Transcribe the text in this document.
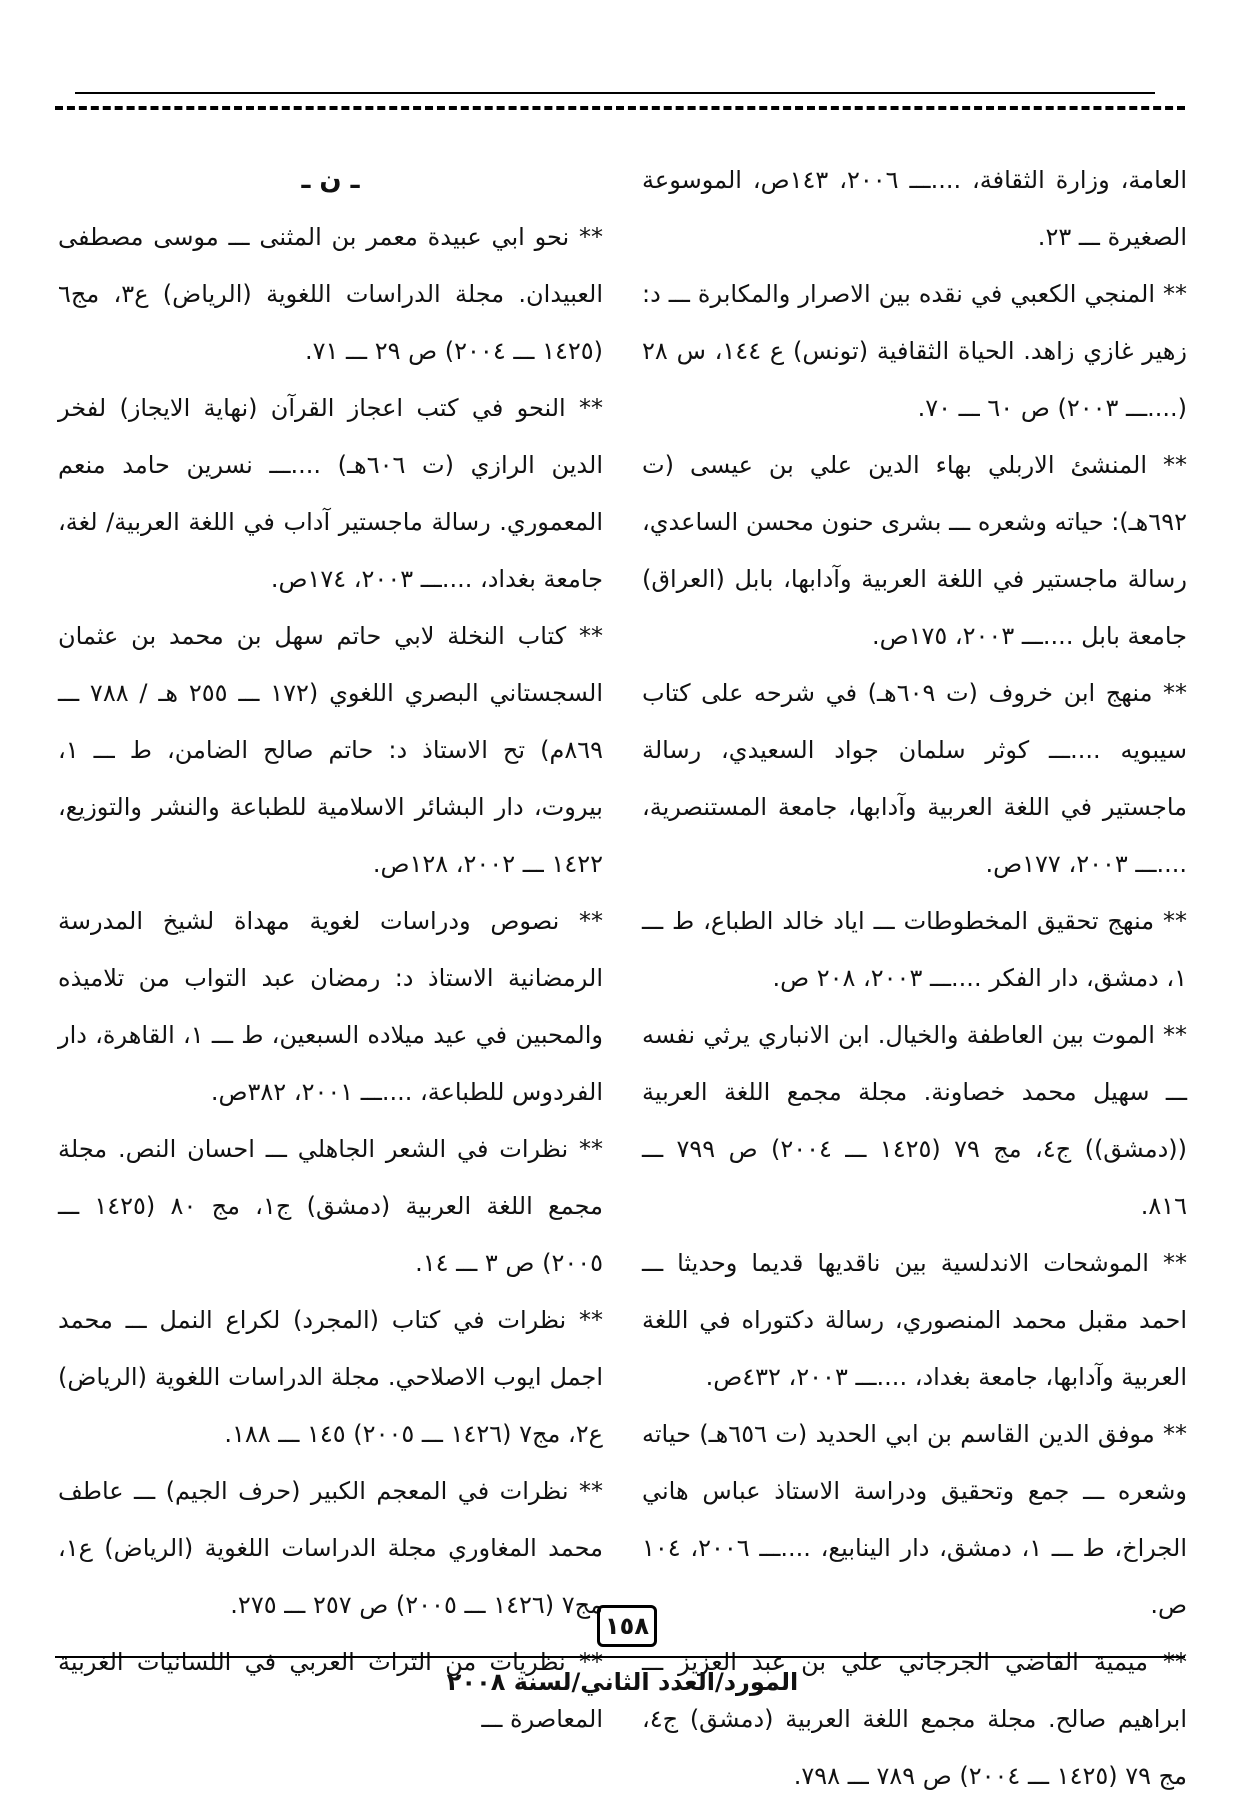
العامة، وزارة الثقافة، ....ـــ ٢٠٠٦، ١٤٣ص، الموسوعة الصغيرة ـــ ٢٣.

** المنجي الكعبي في نقده بين الاصرار والمكابرة ـــ د: زهير غازي زاهد. الحياة الثقافية (تونس) ع ١٤٤، س ٢٨ (....ـــ ٢٠٠٣) ص ٦٠ ـــ ٧٠.

** المنشئ الاربلي بهاء الدين علي بن عيسى (ت ٦٩٢هـ): حياته وشعره ـــ بشرى حنون محسن الساعدي، رسالة ماجستير في اللغة العربية وآدابها، بابل (العراق) جامعة بابل ....ـــ ٢٠٠٣، ١٧٥ص.

** منهج ابن خروف (ت ٦٠٩هـ) في شرحه على كتاب سيبويه ....ـــ كوثر سلمان جواد السعيدي، رسالة ماجستير في اللغة العربية وآدابها، جامعة المستنصرية، ....ـــ ٢٠٠٣، ١٧٧ص.

** منهج تحقيق المخطوطات ـــ اياد خالد الطباع، ط ـــ ١، دمشق، دار الفكر ....ـــ ٢٠٠٣، ٢٠٨ ص.

** الموت بين العاطفة والخيال. ابن الانباري يرثي نفسه ـــ سهيل محمد خصاونة. مجلة مجمع اللغة العربية ((دمشق)) ج٤، مج ٧٩ (١٤٢٥ ـــ ٢٠٠٤) ص ٧٩٩ ـــ ٨١٦.

** الموشحات الاندلسية بين ناقديها قديما وحديثا ـــ احمد مقبل محمد المنصوري، رسالة دكتوراه في اللغة العربية وآدابها، جامعة بغداد، ....ـــ ٢٠٠٣، ٤٣٢ص.

** موفق الدين القاسم بن ابي الحديد (ت ٦٥٦هـ) حياته وشعره ـــ جمع وتحقيق ودراسة الاستاذ عباس هاني الجراخ، ط ـــ ١، دمشق، دار الينابيع، ....ـــ ٢٠٠٦، ١٠٤ ص.

** ميمية القاضي الجرجاني علي بن عبد العزيز ـــ ابراهيم صالح. مجلة مجمع اللغة العربية (دمشق) ج٤، مج ٧٩ (١٤٢٥ ـــ ٢٠٠٤) ص ٧٨٩ ـــ ٧٩٨.

ـ ن ـ

** نحو ابي عبيدة معمر بن المثنى ـــ موسى مصطفى العبيدان. مجلة الدراسات اللغوية (الرياض) ع٣، مج٦ (١٤٢٥ ـــ ٢٠٠٤) ص ٢٩ ـــ ٧١.

** النحو في كتب اعجاز القرآن (نهاية الايجاز) لفخر الدين الرازي (ت ٦٠٦هـ) ....ـــ نسرين حامد منعم المعموري. رسالة ماجستير آداب في اللغة العربية/ لغة، جامعة بغداد، ....ـــ ٢٠٠٣، ١٧٤ص.

** كتاب النخلة لابي حاتم سهل بن محمد بن عثمان السجستاني البصري اللغوي (١٧٢ ـــ ٢٥٥ هـ / ٧٨٨ ـــ ٨٦٩م) تح الاستاذ د: حاتم صالح الضامن، ط ـــ ١، بيروت، دار البشائر الاسلامية للطباعة والنشر والتوزيع، ١٤٢٢ ـــ ٢٠٠٢، ١٢٨ص.

** نصوص ودراسات لغوية مهداة لشيخ المدرسة الرمضانية الاستاذ د: رمضان عبد التواب من تلاميذه والمحبين في عيد ميلاده السبعين، ط ـــ ١، القاهرة، دار الفردوس للطباعة، ....ـــ ٢٠٠١، ٣٨٢ص.

** نظرات في الشعر الجاهلي ـــ احسان النص. مجلة مجمع اللغة العربية (دمشق) ج١، مج ٨٠ (١٤٢٥ ـــ ٢٠٠٥) ص ٣ ـــ ١٤.

** نظرات في كتاب (المجرد) لكراع النمل ـــ محمد اجمل ايوب الاصلاحي. مجلة الدراسات اللغوية (الرياض) ع٢، مج٧ (١٤٢٦ ـــ ٢٠٠٥) ١٤٥ ـــ ١٨٨.

** نظرات في المعجم الكبير (حرف الجيم) ـــ عاطف محمد المغاوري مجلة الدراسات اللغوية (الرياض) ع١، مج٧ (١٤٢٦ ـــ ٢٠٠٥) ص ٢٥٧ ـــ ٢٧٥.

** نظريات من التراث العربي في اللسانيات الغربية المعاصرة ـــ

١٥٨
المورد/العدد الثاني/لسنة ٢٠٠٨
